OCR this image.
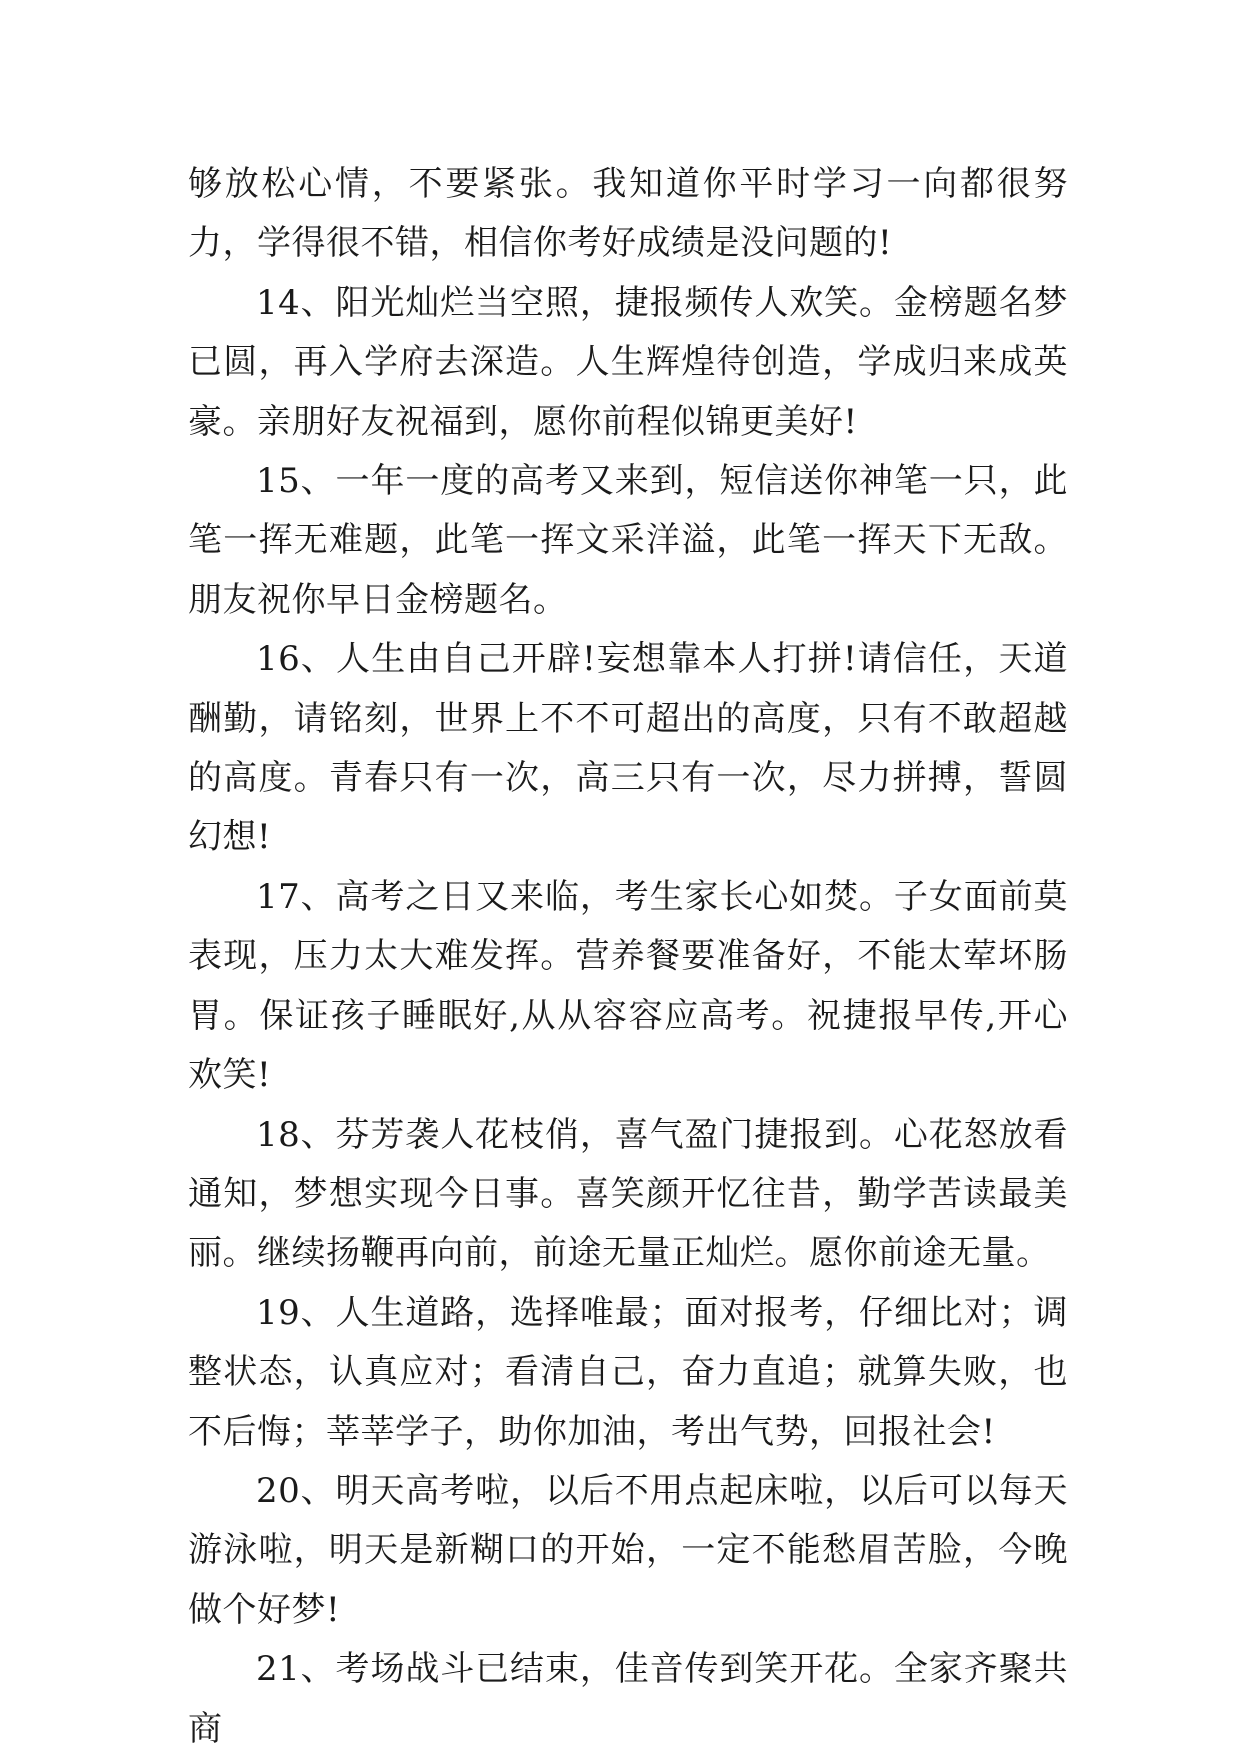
够放松心情，不要紧张。我知道你平时学习一向都很努力，学得很不错，相信你考好成绩是没问题的!

14、阳光灿烂当空照，捷报频传人欢笑。金榜题名梦已圆，再入学府去深造。人生辉煌待创造，学成归来成英豪。亲朋好友祝福到，愿你前程似锦更美好!

15、一年一度的高考又来到，短信送你神笔一只，此笔一挥无难题，此笔一挥文采洋溢，此笔一挥天下无敌。朋友祝你早日金榜题名。

16、人生由自己开辟!妄想靠本人打拼!请信任，天道酬勤，请铭刻，世界上不不可超出的高度，只有不敢超越的高度。青春只有一次，高三只有一次，尽力拼搏，誓圆幻想!

17、高考之日又来临，考生家长心如焚。子女面前莫表现，压力太大难发挥。营养餐要准备好，不能太荤坏肠胃。保证孩子睡眠好,从从容容应高考。祝捷报早传,开心欢笑!

18、芬芳袭人花枝俏，喜气盈门捷报到。心花怒放看通知，梦想实现今日事。喜笑颜开忆往昔，勤学苦读最美丽。继续扬鞭再向前，前途无量正灿烂。愿你前途无量。

19、人生道路，选择唯最；面对报考，仔细比对；调整状态，认真应对；看清自己，奋力直追；就算失败，也不后悔；莘莘学子，助你加油，考出气势，回报社会!

20、明天高考啦，以后不用点起床啦，以后可以每天游泳啦，明天是新糊口的开始，一定不能愁眉苦脸，今晚做个好梦!

21、考场战斗已结束，佳音传到笑开花。全家齐聚共商
